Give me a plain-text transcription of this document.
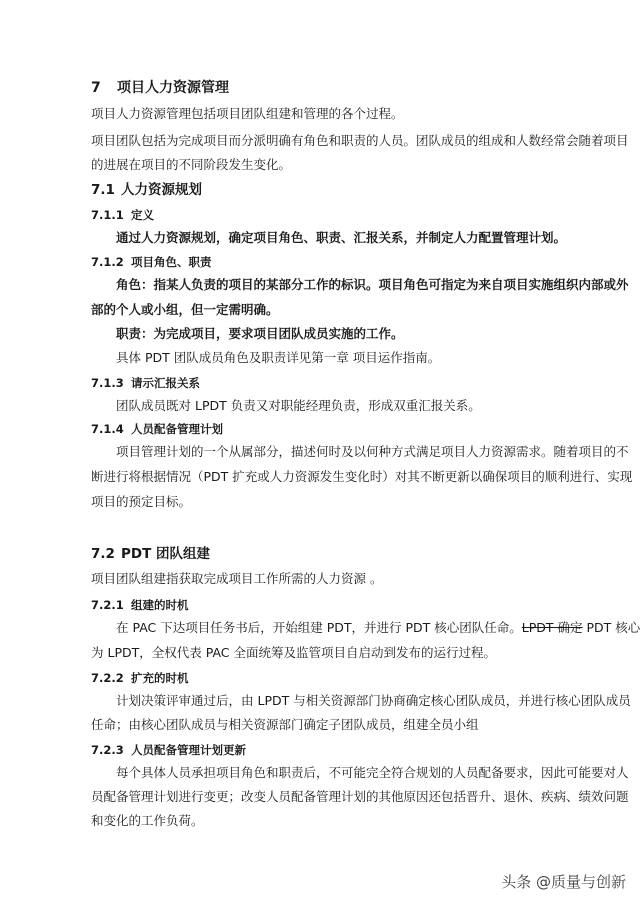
7 项目人力资源管理
项目人力资源管理包括项目团队组建和管理的各个过程。
项目团队包括为完成项目而分派明确有角色和职责的人员。团队成员的组成和人数经常会随着项目
的进展在项目的不同阶段发生变化。
7.1 人力资源规划
7.1.1 定义
通过人力资源规划，确定项目角色、职责、汇报关系，并制定人力配置管理计划。
7.1.2 项目角色、职责
角色：指某人负责的项目的某部分工作的标识。项目角色可指定为来自项目实施组织内部或外
部的个人或小组，但一定需明确。
职责：为完成项目，要求项目团队成员实施的工作。
具体 PDT 团队成员角色及职责详见第一章 项目运作指南。
7.1.3 请示汇报关系
团队成员既对 LPDT 负责又对职能经理负责，形成双重汇报关系。
7.1.4 人员配备管理计划
项目管理计划的一个从属部分，描述何时及以何种方式满足项目人力资源需求。随着项目的不
断进行将根据情况（PDT 扩充或人力资源发生变化时）对其不断更新以确保项目的顺利进行、实现
项目的预定目标。
7.2 PDT 团队组建
项目团队组建指获取完成项目工作所需的人力资源 。
7.2.1 组建的时机
在 PAC 下达项目任务书后，开始组建 PDT，并进行 PDT 核心团队任命。LPDT 确定 PDT 核心
为 LPDT，全权代表 PAC 全面统筹及监管项目自启动到发布的运行过程。
7.2.2 扩充的时机
计划决策评审通过后，由 LPDT 与相关资源部门协商确定核心团队成员，并进行核心团队成员
任命；由核心团队成员与相关资源部门确定子团队成员，组建全员小组
7.2.3 人员配备管理计划更新
每个具体人员承担项目角色和职责后，不可能完全符合规划的人员配备要求，因此可能要对人
员配备管理计划进行变更；改变人员配备管理计划的其他原因还包括晋升、退休、疾病、绩效问题
和变化的工作负荷。
头条 @质量与创新
